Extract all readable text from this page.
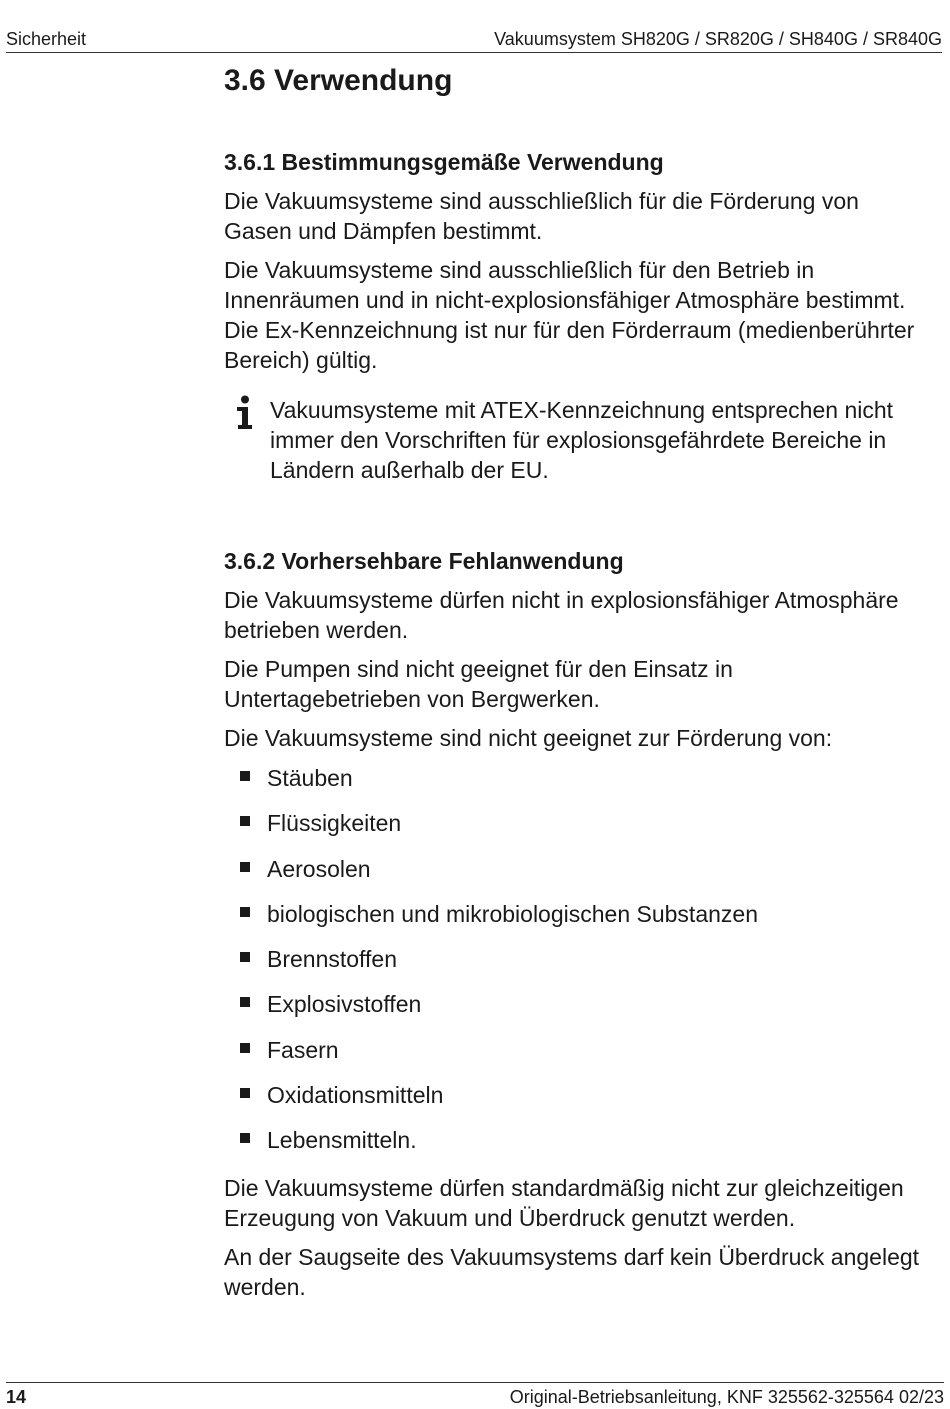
Sicherheit	Vakuumsystem SH820G / SR820G / SH840G / SR840G
3.6 Verwendung
3.6.1 Bestimmungsgemäße Verwendung

Die Vakuumsysteme sind ausschließlich für die Förderung von Gasen und Dämpfen bestimmt.

Die Vakuumsysteme sind ausschließlich für den Betrieb in Innenräumen und in nicht-explosionsfähiger Atmosphäre bestimmt. Die Ex-Kennzeichnung ist nur für den Förderraum (medienberührter Bereich) gültig.

Vakuumsysteme mit ATEX-Kennzeichnung entsprechen nicht immer den Vorschriften für explosionsgefährdete Bereiche in Ländern außerhalb der EU.

3.6.2 Vorhersehbare Fehlanwendung

Die Vakuumsysteme dürfen nicht in explosionsfähiger Atmosphäre betrieben werden.

Die Pumpen sind nicht geeignet für den Einsatz in Untertagebetrieben von Bergwerken.

Die Vakuumsysteme sind nicht geeignet zur Förderung von:

Stäuben
Flüssigkeiten
Aerosolen
biologischen und mikrobiologischen Substanzen
Brennstoffen
Explosivstoffen
Fasern
Oxidationsmitteln
Lebensmitteln.

Die Vakuumsysteme dürfen standardmäßig nicht zur gleichzeitigen Erzeugung von Vakuum und Überdruck genutzt werden.

An der Saugseite des Vakuumsystems darf kein Überdruck angelegt werden.

14	Original-Betriebsanleitung, KNF 325562-325564 02/23
